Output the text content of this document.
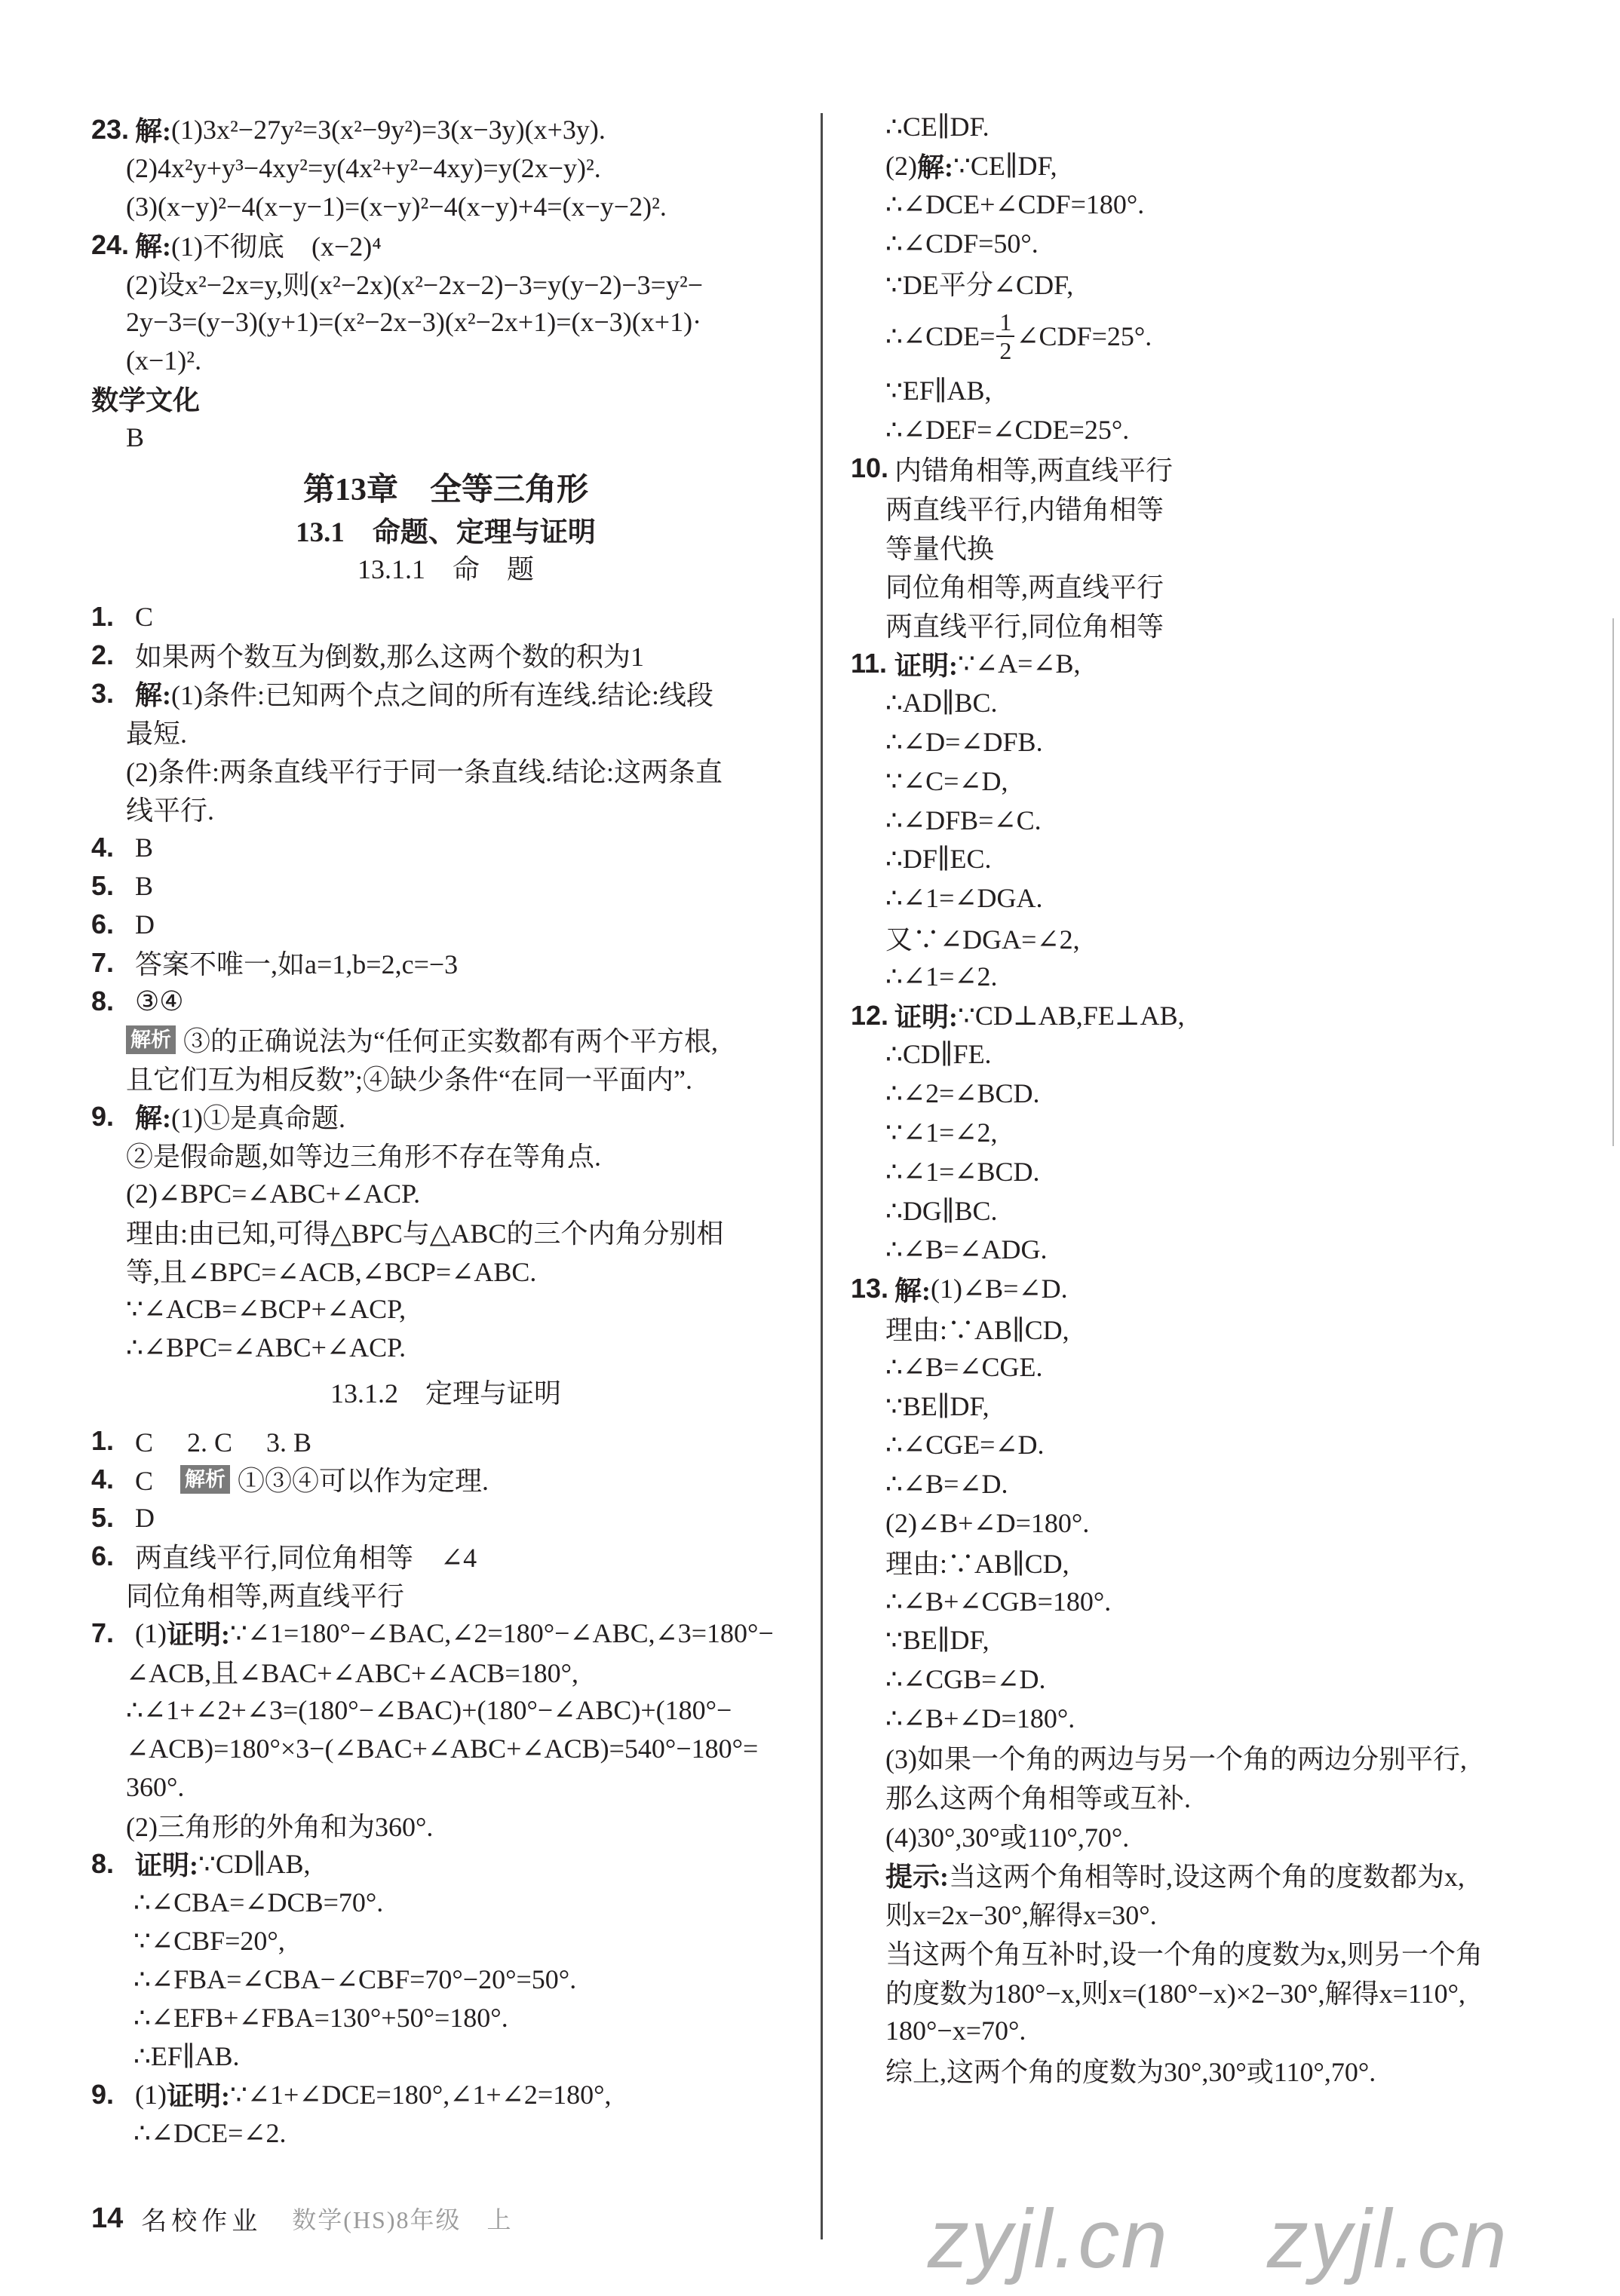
23. 解: (1)3x²−27y²=3(x²−9y²)=3(x−3y)(x+3y).
(2)4x²y+y³−4xy²=y(4x²+y²−4xy)=y(2x−y)².
(3)(x−y)²−4(x−y−1)=(x−y)²−4(x−y)+4=(x−y−2)².
24. 解: (1)不彻底　(x−2)⁴
(2)设x²−2x=y,则(x²−2x)(x²−2x−2)−3=y(y−2)−3=y²−
2y−3=(y−3)(y+1)=(x²−2x−3)(x²−2x+1)=(x−3)(x+1)·
(x−1)².
数学文化
B
第13章　全等三角形
13.1　命题、定理与证明
13.1.1　命　题
1. C
2. 如果两个数互为倒数,那么这两个数的积为1
3. 解: (1)条件:已知两个点之间的所有连线.结论:线段
最短.
(2)条件:两条直线平行于同一条直线.结论:这两条直
线平行.
4. B
5. B
6. D
7. 答案不唯一,如a=1,b=2,c=−3
8. ③④
解析 ③的正确说法为“任何正实数都有两个平方根,
且它们互为相反数”;④缺少条件“在同一平面内”.
9. 解: (1)①是真命题.
②是假命题,如等边三角形不存在等角点.
(2)∠BPC=∠ABC+∠ACP.
理由:由已知,可得△BPC与△ABC的三个内角分别相
等,且∠BPC=∠ACB,∠BCP=∠ABC.
∵∠ACB=∠BCP+∠ACP,
∴∠BPC=∠ABC+∠ACP.
13.1.2　定理与证明
1. C　 2. C　 3. B
4. C　 解析 ①③④可以作为定理.
5. D
6. 两直线平行,同位角相等　∠4
同位角相等,两直线平行
7. (1) 证明: ∵∠1=180°−∠BAC,∠2=180°−∠ABC,∠3=180°−
∠ACB,且∠BAC+∠ABC+∠ACB=180°,
∴∠1+∠2+∠3=(180°−∠BAC)+(180°−∠ABC)+(180°−
∠ACB)=180°×3−(∠BAC+∠ABC+∠ACB)=540°−180°=
360°.
(2)三角形的外角和为360°.
8. 证明: ∵CD∥AB,
∴∠CBA=∠DCB=70°.
∵∠CBF=20°,
∴∠FBA=∠CBA−∠CBF=70°−20°=50°.
∴∠EFB+∠FBA=130°+50°=180°.
∴EF∥AB.
9. (1) 证明: ∵∠1+∠DCE=180°,∠1+∠2=180°,
∴∠DCE=∠2.
∴CE∥DF.
(2) 解: ∵CE∥DF,
∴∠DCE+∠CDF=180°.
∴∠CDF=50°.
∵DE平分∠CDF,
∴∠CDE= $\frac{1}{2}$ ∠CDF=25°.
∵EF∥AB,
∴∠DEF=∠CDE=25°.
10. 内错角相等,两直线平行
两直线平行,内错角相等
等量代换
同位角相等,两直线平行
两直线平行,同位角相等
11. 证明: ∵∠A=∠B,
∴AD∥BC.
∴∠D=∠DFB.
∵∠C=∠D,
∴∠DFB=∠C.
∴DF∥EC.
∴∠1=∠DGA.
又∵∠DGA=∠2,
∴∠1=∠2.
12. 证明: ∵CD⊥AB,FE⊥AB,
∴CD∥FE.
∴∠2=∠BCD.
∵∠1=∠2,
∴∠1=∠BCD.
∴DG∥BC.
∴∠B=∠ADG.
13. 解: (1)∠B=∠D.
理由:∵AB∥CD,
∴∠B=∠CGE.
∵BE∥DF,
∴∠CGE=∠D.
∴∠B=∠D.
(2)∠B+∠D=180°.
理由:∵AB∥CD,
∴∠B+∠CGB=180°.
∵BE∥DF,
∴∠CGB=∠D.
∴∠B+∠D=180°.
(3)如果一个角的两边与另一个角的两边分别平行,
那么这两个角相等或互补.
(4)30°,30°或110°,70°.
提示: 当这两个角相等时,设这两个角的度数都为x,
则x=2x−30°,解得x=30°.
当这两个角互补时,设一个角的度数为x,则另一个角
的度数为180°−x,则x=(180°−x)×2−30°,解得x=110°,
180°−x=70°.
综上,这两个角的度数为30°,30°或110°,70°.
zyjl.cn zyjl.cn
14 名校作业 数学(HS)8年级　上
